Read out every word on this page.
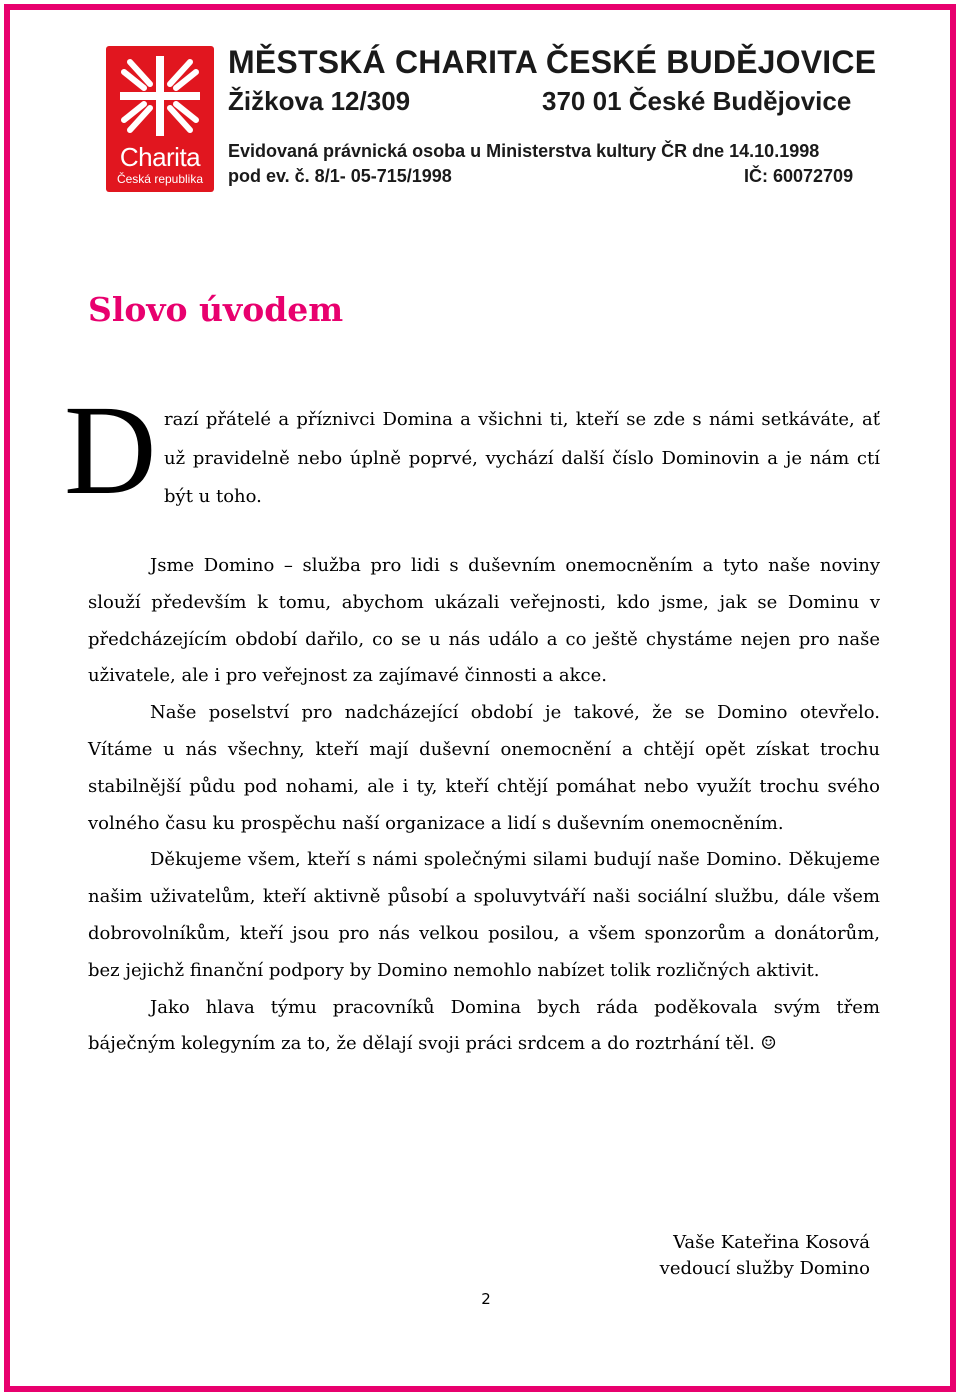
Charita
Česká republika
MĚSTSKÁ CHARITA ČESKÉ BUDĚJOVICE
Žižkova 12/309	370 01 České Budějovice
Evidovaná právnická osoba u Ministerstva kultury ČR dne 14.10.1998
pod ev. č. 8/1- 05-715/1998	IČ: 60072709
Slovo úvodem
D razí přátelé a příznivci Domina a všichni ti, kteří se zde s námi setkáváte, ať už pravidelně nebo úplně poprvé, vychází další číslo Dominovin a je nám ctí být u toho.

Jsme Domino – služba pro lidi s duševním onemocněním a tyto naše noviny slouží především k tomu, abychom ukázali veřejnosti, kdo jsme, jak se Dominu v předcházejícím období dařilo, co se u nás událo a co ještě chystáme nejen pro naše uživatele, ale i pro veřejnost za zajímavé činnosti a akce.

Naše poselství pro nadcházející období je takové, že se Domino otevřelo. Vítáme u nás všechny, kteří mají duševní onemocnění a chtějí opět získat trochu stabilnější půdu pod nohami, ale i ty, kteří chtějí pomáhat nebo využít trochu svého volného času ku prospěchu naší organizace a lidí s duševním onemocněním.

Děkujeme všem, kteří s námi společnými silami budují naše Domino. Děkujeme našim uživatelům, kteří aktivně působí a spoluvytváří naši sociální službu, dále všem dobrovolníkům, kteří jsou pro nás velkou posilou, a všem sponzorům a donátorům, bez jejichž finanční podpory by Domino nemohlo nabízet tolik rozličných aktivit.

Jako hlava týmu pracovníků Domina bych ráda poděkovala svým třem báječným kolegyním za to, že dělají svoji práci srdcem a do roztrhání těl. ☺

Vaše Kateřina Kosová
vedoucí služby Domino
2
